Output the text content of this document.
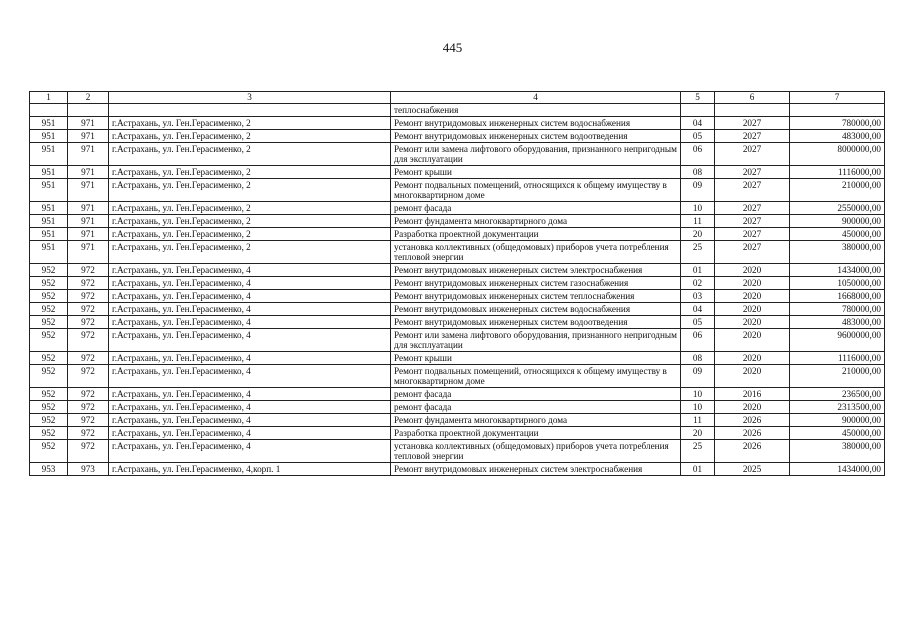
445
1	2	3	4	5	6	7
			теплоснабжения			
951	971	г.Астрахань, ул. Ген.Герасименко, 2	Ремонт внутридомовых инженерных систем водоснабжения	04	2027	780000,00
951	971	г.Астрахань, ул. Ген.Герасименко, 2	Ремонт внутридомовых инженерных систем водоотведения	05	2027	483000,00
951	971	г.Астрахань, ул. Ген.Герасименко, 2	Ремонт или замена лифтового оборудования, признанного непригодным для эксплуатации	06	2027	8000000,00
951	971	г.Астрахань, ул. Ген.Герасименко, 2	Ремонт крыши	08	2027	1116000,00
951	971	г.Астрахань, ул. Ген.Герасименко, 2	Ремонт подвальных помещений, относящихся к общему имуществу в многоквартирном доме	09	2027	210000,00
951	971	г.Астрахань, ул. Ген.Герасименко, 2	ремонт фасада	10	2027	2550000,00
951	971	г.Астрахань, ул. Ген.Герасименко, 2	Ремонт фундамента многоквартирного дома	11	2027	900000,00
951	971	г.Астрахань, ул. Ген.Герасименко, 2	Разработка проектной документации	20	2027	450000,00
951	971	г.Астрахань, ул. Ген.Герасименко, 2	установка коллективных (общедомовых) приборов учета потребления тепловой энергии	25	2027	380000,00
952	972	г.Астрахань, ул. Ген.Герасименко, 4	Ремонт внутридомовых инженерных систем электроснабжения	01	2020	1434000,00
952	972	г.Астрахань, ул. Ген.Герасименко, 4	Ремонт внутридомовых инженерных систем газоснабжения	02	2020	1050000,00
952	972	г.Астрахань, ул. Ген.Герасименко, 4	Ремонт внутридомовых инженерных систем теплоснабжения	03	2020	1668000,00
952	972	г.Астрахань, ул. Ген.Герасименко, 4	Ремонт внутридомовых инженерных систем водоснабжения	04	2020	780000,00
952	972	г.Астрахань, ул. Ген.Герасименко, 4	Ремонт внутридомовых инженерных систем водоотведения	05	2020	483000,00
952	972	г.Астрахань, ул. Ген.Герасименко, 4	Ремонт или замена лифтового оборудования, признанного непригодным для эксплуатации	06	2020	9600000,00
952	972	г.Астрахань, ул. Ген.Герасименко, 4	Ремонт крыши	08	2020	1116000,00
952	972	г.Астрахань, ул. Ген.Герасименко, 4	Ремонт подвальных помещений, относящихся к общему имуществу в многоквартирном доме	09	2020	210000,00
952	972	г.Астрахань, ул. Ген.Герасименко, 4	ремонт фасада	10	2016	236500,00
952	972	г.Астрахань, ул. Ген.Герасименко, 4	ремонт фасада	10	2020	2313500,00
952	972	г.Астрахань, ул. Ген.Герасименко, 4	Ремонт фундамента многоквартирного дома	11	2026	900000,00
952	972	г.Астрахань, ул. Ген.Герасименко, 4	Разработка проектной документации	20	2026	450000,00
952	972	г.Астрахань, ул. Ген.Герасименко, 4	установка коллективных (общедомовых) приборов учета потребления тепловой энергии	25	2026	380000,00
953	973	г.Астрахань, ул. Ген.Герасименко, 4,корп. 1	Ремонт внутридомовых инженерных систем электроснабжения	01	2025	1434000,00
